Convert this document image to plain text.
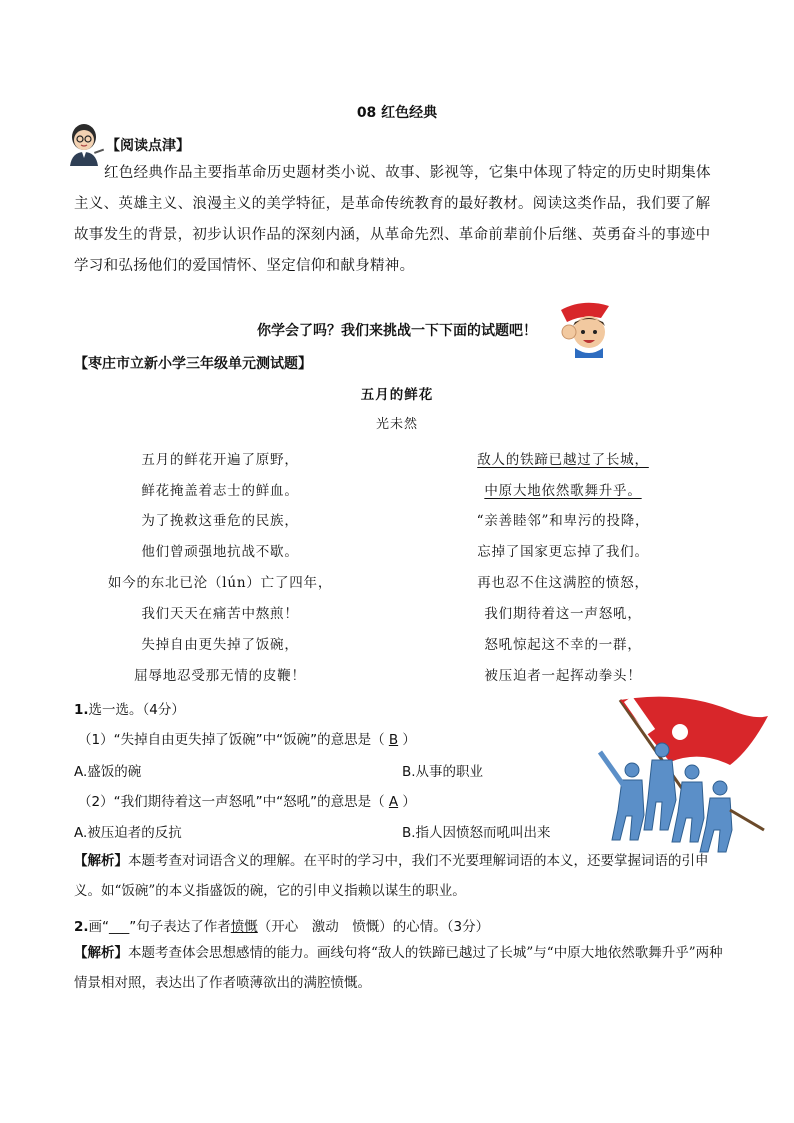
08 红色经典
【阅读点津】
红色经典作品主要指革命历史题材类小说、故事、影视等，它集中体现了特定的历史时期集体主义、英雄主义、浪漫主义的美学特征，是革命传统教育的最好教材。阅读这类作品，我们要了解故事发生的背景，初步认识作品的深刻内涵，从革命先烈、革命前辈前仆后继、英勇奋斗的事迹中学习和弘扬他们的爱国情怀、坚定信仰和献身精神。
你学会了吗？我们来挑战一下下面的试题吧！
【枣庄市立新小学三年级单元测试题】
五月的鲜花
光未然
五月的鲜花开遍了原野，
鲜花掩盖着志士的鲜血。
为了挽救这垂危的民族，
他们曾顽强地抗战不歇。
如今的东北已沦（lún）亡了四年，
我们天天在痛苦中熬煎！
失掉自由更失掉了饭碗，
屈辱地忍受那无情的皮鞭！
敌人的铁蹄已越过了长城，
中原大地依然歌舞升乎。
“亲善睦邻”和卑污的投降，
忘掉了国家更忘掉了我们。
再也忍不住这满腔的愤怒，
我们期待着这一声怒吼，
怒吼惊起这不幸的一群，
被压迫者一起挥动拳头！
1.选一选。（4分）
（1）“失掉自由更失掉了饭碗”中“饭碗”的意思是（ B ）
A.盛饭的碗	B.从事的职业
（2）“我们期待着这一声怒吼”中“怒吼”的意思是（ A ）
A.被压迫者的反抗	B.指人因愤怒而吼叫出来
【解析】本题考查对词语含义的理解。在平时的学习中，我们不光要理解词语的本义，还要掌握词语的引申义。如“饭碗”的本义指盛饭的碗，它的引申义指赖以谋生的职业。
2.画“___”句子表达了作者愤慨（开心　激动　愤慨）的心情。（3分）
【解析】本题考查体会思想感情的能力。画线句将“敌人的铁蹄已越过了长城”与“中原大地依然歌舞升乎”两种情景相对照，表达出了作者喷薄欲出的满腔愤慨。
